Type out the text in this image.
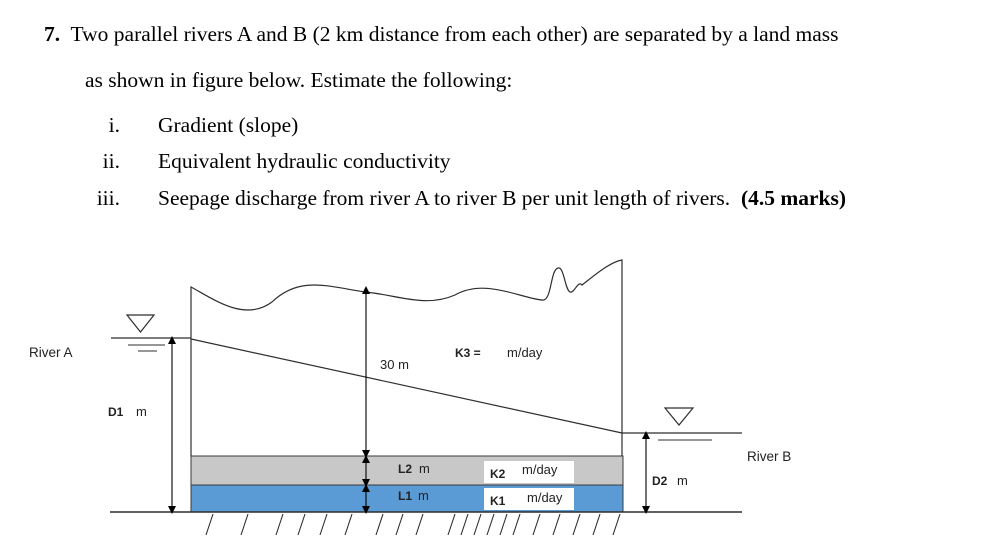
7. Two parallel rivers A and B (2 km distance from each other) are separated by a land mass
as shown in figure below. Estimate the following:
i. Gradient (slope)
ii. Equivalent hydraulic conductivity
iii. Seepage discharge from river A to river B per unit length of rivers. (4.5 marks)
River A
River B
D1 m
30 m
K3 = m/day
L2 m
L1 m
K2 m/day
K1 m/day
D2 m
